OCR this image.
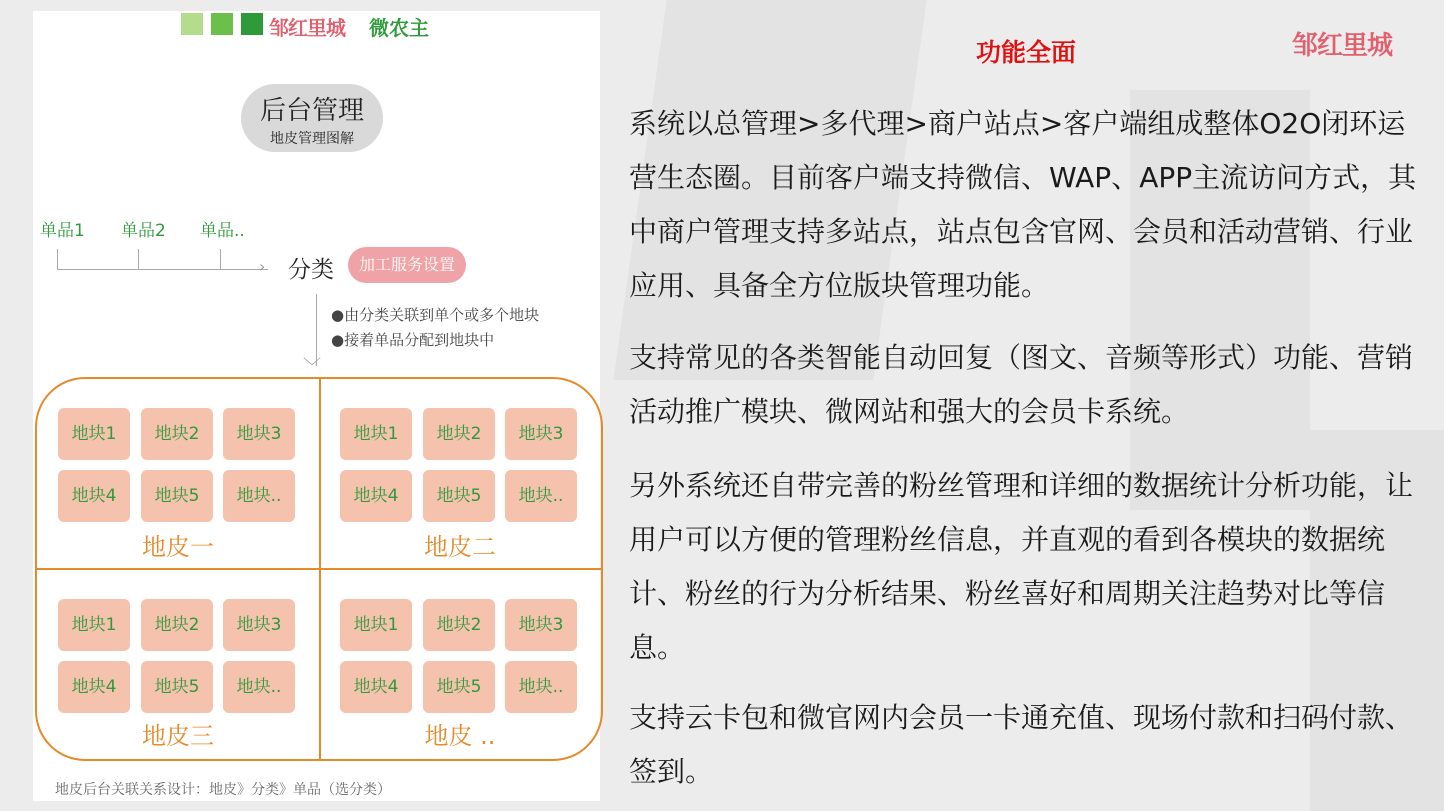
邹红里城 微农主
后台管理
地皮管理图解
单品1 单品2 单品..
› 分类	加工服务设置
﹀
●由分类关联到单个或多个地块
●接着单品分配到地块中
地块1	地块2	地块3
地块4	地块5	地块..
地皮一
地块1	地块2	地块3
地块4	地块5	地块..
地皮二
地块1	地块2	地块3
地块4	地块5	地块..
地皮三
地块1	地块2	地块3
地块4	地块5	地块..
地皮 ..
地皮后台关联关系设计：地皮》分类》单品（选分类）
功能全面	邹红里城

系统以总管理>多代理>商户站点>客户端组成整体O2O闭环运营生态圈。目前客户端支持微信、WAP、APP主流访问方式，其中商户管理支持多站点，站点包含官网、会员和活动营销、行业应用、具备全方位版块管理功能。

支持常见的各类智能自动回复（图文、音频等形式）功能、营销活动推广模块、微网站和强大的会员卡系统。

另外系统还自带完善的粉丝管理和详细的数据统计分析功能，让用户可以方便的管理粉丝信息，并直观的看到各模块的数据统计、粉丝的行为分析结果、粉丝喜好和周期关注趋势对比等信息。

支持云卡包和微官网内会员一卡通充值、现场付款和扫码付款、签到。
